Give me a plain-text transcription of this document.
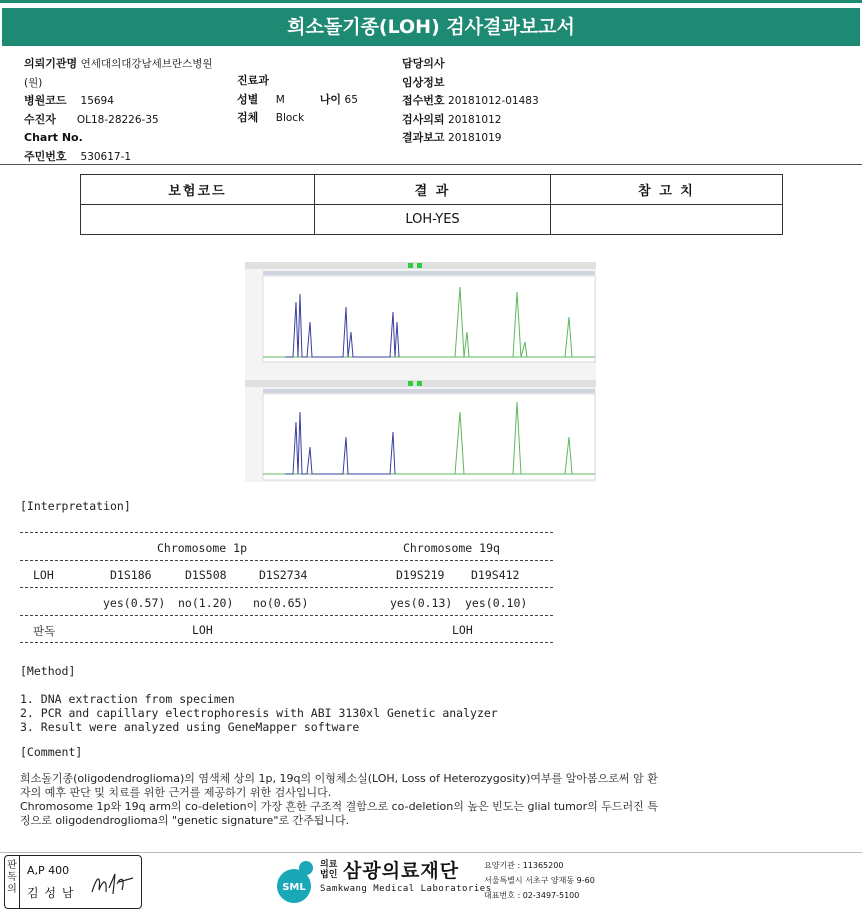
희소돌기종(LOH) 검사결과보고서
의뢰기관명 연세대의대강남세브란스병원(원)
병원코드 15694
수진자 OL18-28226-35
Chart No.
주민번호 530617-1
진료과
성별 M	나이 65
검체 Block
담당의사
임상정보
접수번호 20181012-01483
검사의뢰 20181012
결과보고 20181019
보험코드	결 과	참 고 치
	LOH-YES	
[Interpretation]
Chromosome 1p	Chromosome 19q
LOH	D1S186	D1S508	D1S2734	D19S219 D19S412
yes(0.57) no(1.20) no(0.65)	yes(0.13) yes(0.10)
판독	LOH	LOH
[Method]
1. DNA extraction from specimen
2. PCR and capillary electrophoresis with ABI 3130xl Genetic analyzer
3. Result were analyzed using GeneMapper software
[Comment]
희소돌기종(oligodendroglioma)의 염색체 상의 1p, 19q의 이형체소실(LOH, Loss of Heterozygosity)여부를 알아봄으로써 암 환
자의 예후 판단 및 치료를 위한 근거를 제공하기 위한 검사입니다.
Chromosome 1p와 19q arm의 co-deletion이 가장 흔한 구조적 결함으로 co-deletion의 높은 빈도는 glial tumor의 두드러진 특
징으로 oligodendroglioma의 "genetic signature"로 간주됩니다.
판독의
A,P 400
김 성 남	SML
의료
법인 삼광의료재단
Samkwang Medical Laboratories
요양기관 : 11365200
서울특별시 서초구 양재동 9-60
대표번호 : 02-3497-5100
